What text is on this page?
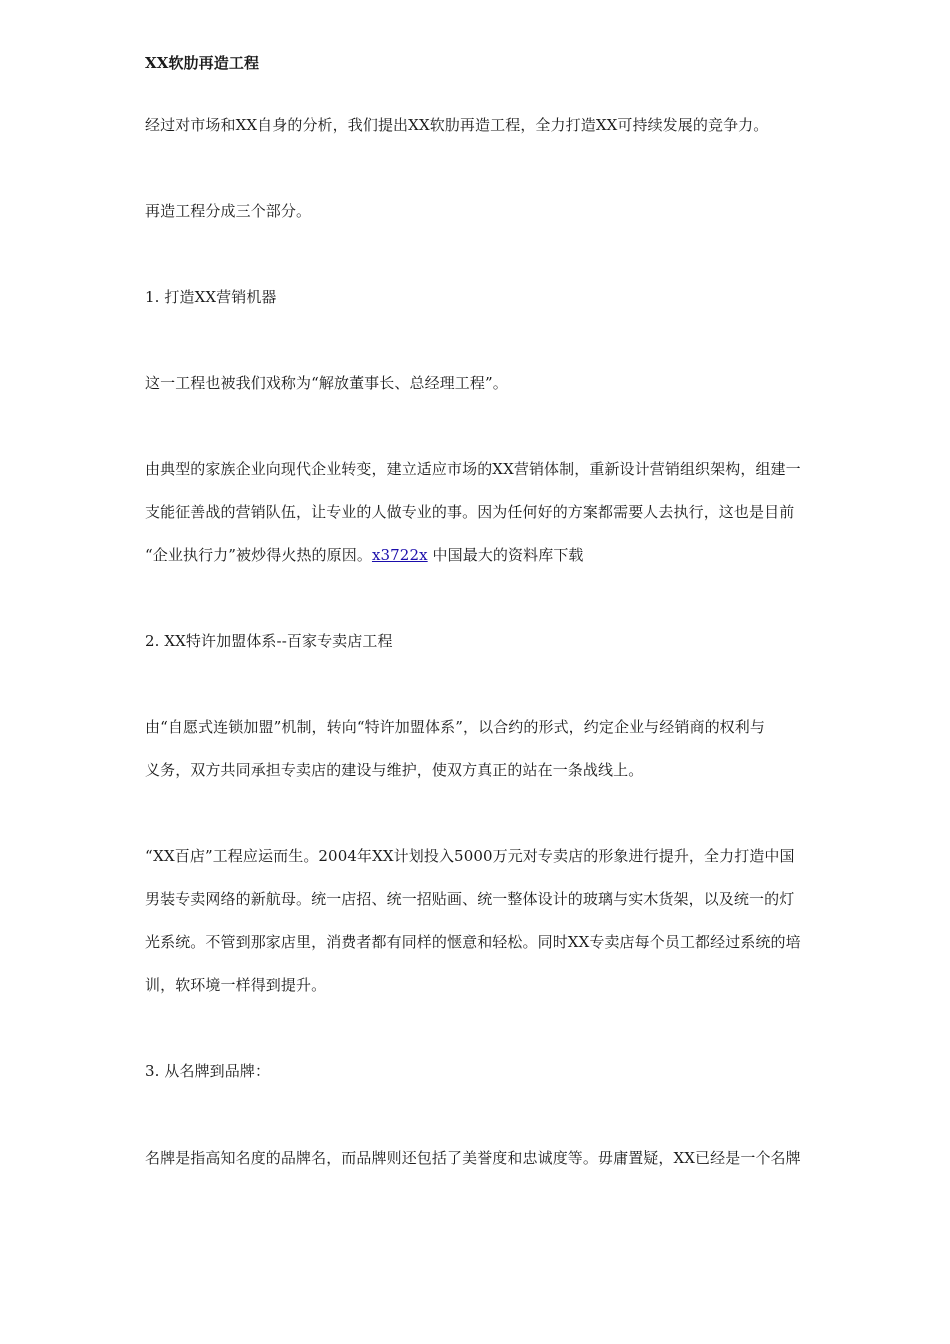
XX软肋再造工程
经过对市场和XX自身的分析，我们提出XX软肋再造工程，全力打造XX可持续发展的竞争力。
再造工程分成三个部分。
1. 打造XX营销机器
这一工程也被我们戏称为“解放董事长、总经理工程”。
由典型的家族企业向现代企业转变，建立适应市场的XX营销体制，重新设计营销组织架构，组建一
支能征善战的营销队伍，让专业的人做专业的事。因为任何好的方案都需要人去执行，这也是目前
“企业执行力”被炒得火热的原因。x3722x 中国最大的资料库下载
2. XX特许加盟体系--百家专卖店工程
由“自愿式连锁加盟”机制，转向“特许加盟体系”，以合约的形式，约定企业与经销商的权利与
义务，双方共同承担专卖店的建设与维护，使双方真正的站在一条战线上。
“XX百店”工程应运而生。2004年XX计划投入5000万元对专卖店的形象进行提升，全力打造中国
男装专卖网络的新航母。统一店招、统一招贴画、统一整体设计的玻璃与实木货架，以及统一的灯
光系统。不管到那家店里，消费者都有同样的惬意和轻松。同时XX专卖店每个员工都经过系统的培
训，软环境一样得到提升。
3. 从名牌到品牌：
名牌是指高知名度的品牌名，而品牌则还包括了美誉度和忠诚度等。毋庸置疑，XX已经是一个名牌
